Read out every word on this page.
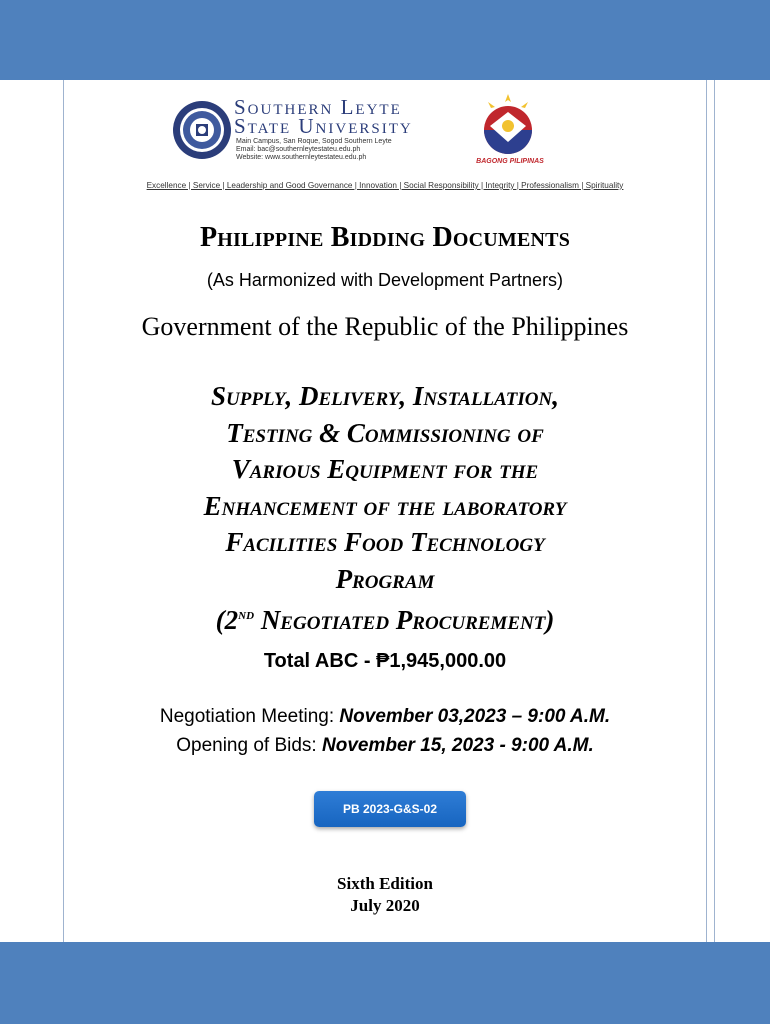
Southern Leyte
State University
Main Campus, San Roque, Sogod Southern Leyte
Email: bac@southernleytestateu.edu.ph
Website: www.southernleytestateu.edu.ph
BAGONG PILIPINAS
Excellence | Service | Leadership and Good Governance | Innovation | Social Responsibility | Integrity | Professionalism | Spirituality
Philippine Bidding Documents
(As Harmonized with Development Partners)
Government of the Republic of the Philippines
Supply, Delivery, Installation,
Testing & Commissioning of
Various Equipment for the
Enhancement of the laboratory
Facilities Food Technology
Program
(2nd Negotiated Procurement)
Total ABC - ₱1,945,000.00
Negotiation Meeting: November 03,2023 – 9:00 A.M.
Opening of Bids: November 15, 2023 - 9:00 A.M.
PB 2023-G&S-02
Sixth Edition
July 2020
